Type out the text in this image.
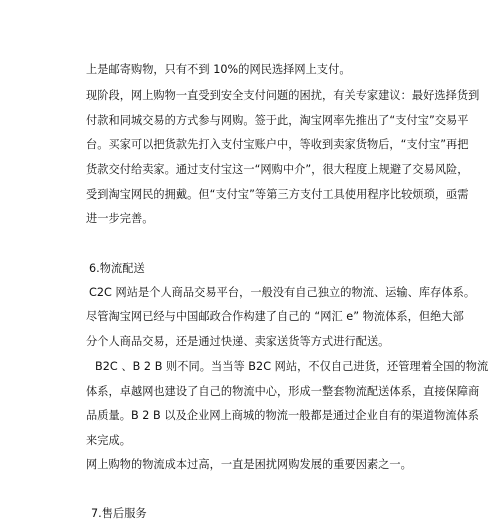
上是邮寄购物，只有不到 10%的网民选择网上支付。

现阶段，网上购物一直受到安全支付问题的困扰，有关专家建议：最好选择货到

付款和同城交易的方式参与网购。签于此，淘宝网率先推出了“支付宝”交易平

台。买家可以把货款先打入支付宝账户中，等收到卖家货物后，“支付宝”再把

货款交付给卖家。通过支付宝这一“网购中介”，很大程度上规避了交易风险，

受到淘宝网民的拥戴。但“支付宝”等第三方支付工具使用程序比较烦琐，亟需

进一步完善。

6.物流配送

C2C 网站是个人商品交易平台，一般没有自己独立的物流、运输、库存体系。

尽管淘宝网已经与中国邮政合作构建了自己的 “网汇 e” 物流体系，但绝大部

分个人商品交易，还是通过快递、卖家送货等方式进行配送。

B2C 、B 2 B 则不同。当当等 B2C 网站，不仅自己进货，还管理着全国的物流

体系，卓越网也建设了自己的物流中心，形成一整套物流配送体系，直接保障商

品质量。B 2 B 以及企业网上商城的物流一般都是通过企业自有的渠道物流体系

来完成。

网上购物的物流成本过高，一直是困扰网购发展的重要因素之一。

7.售后服务
